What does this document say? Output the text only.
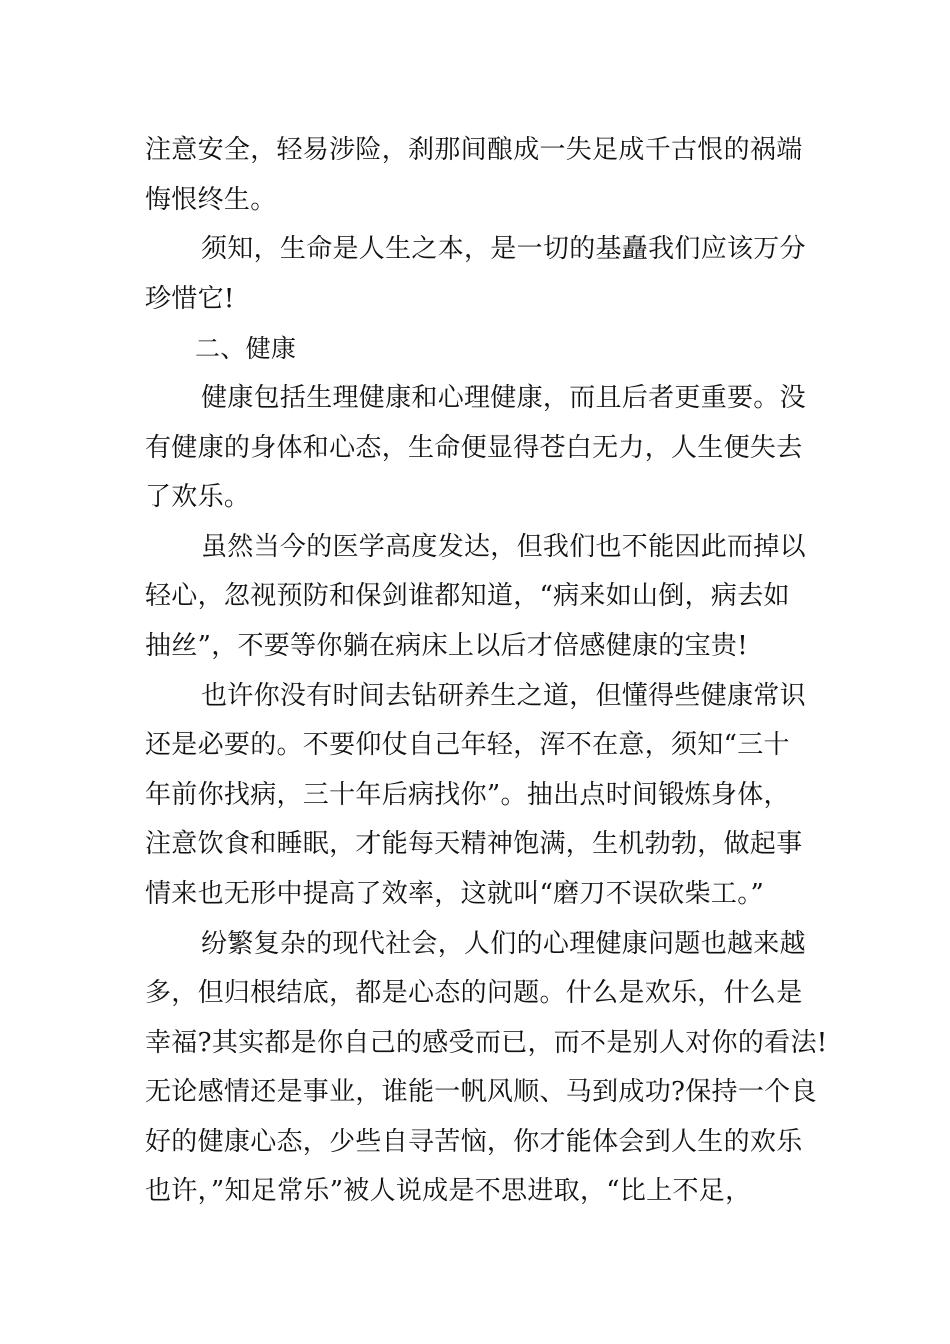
注意安全，轻易涉险，刹那间酿成一失足成千古恨的祸端
悔恨终生。
须知，生命是人生之本，是一切的基矗我们应该万分
珍惜它!
二、健康
健康包括生理健康和心理健康，而且后者更重要。没
有健康的身体和心态，生命便显得苍白无力，人生便失去
了欢乐。
虽然当今的医学高度发达，但我们也不能因此而掉以
轻心，忽视预防和保剑谁都知道，“病来如山倒，病去如
抽丝”，不要等你躺在病床上以后才倍感健康的宝贵!
也许你没有时间去钻研养生之道，但懂得些健康常识
还是必要的。不要仰仗自己年轻，浑不在意，须知“三十
年前你找病，三十年后病找你”。抽出点时间锻炼身体，
注意饮食和睡眠，才能每天精神饱满，生机勃勃，做起事
情来也无形中提高了效率，这就叫“磨刀不误砍柴工。”
纷繁复杂的现代社会，人们的心理健康问题也越来越
多，但归根结底，都是心态的问题。什么是欢乐，什么是
幸福?其实都是你自己的感受而已，而不是别人对你的看法!
无论感情还是事业，谁能一帆风顺、马到成功?保持一个良
好的健康心态，少些自寻苦恼，你才能体会到人生的欢乐
也许，”知足常乐”被人说成是不思进取，“比上不足，
